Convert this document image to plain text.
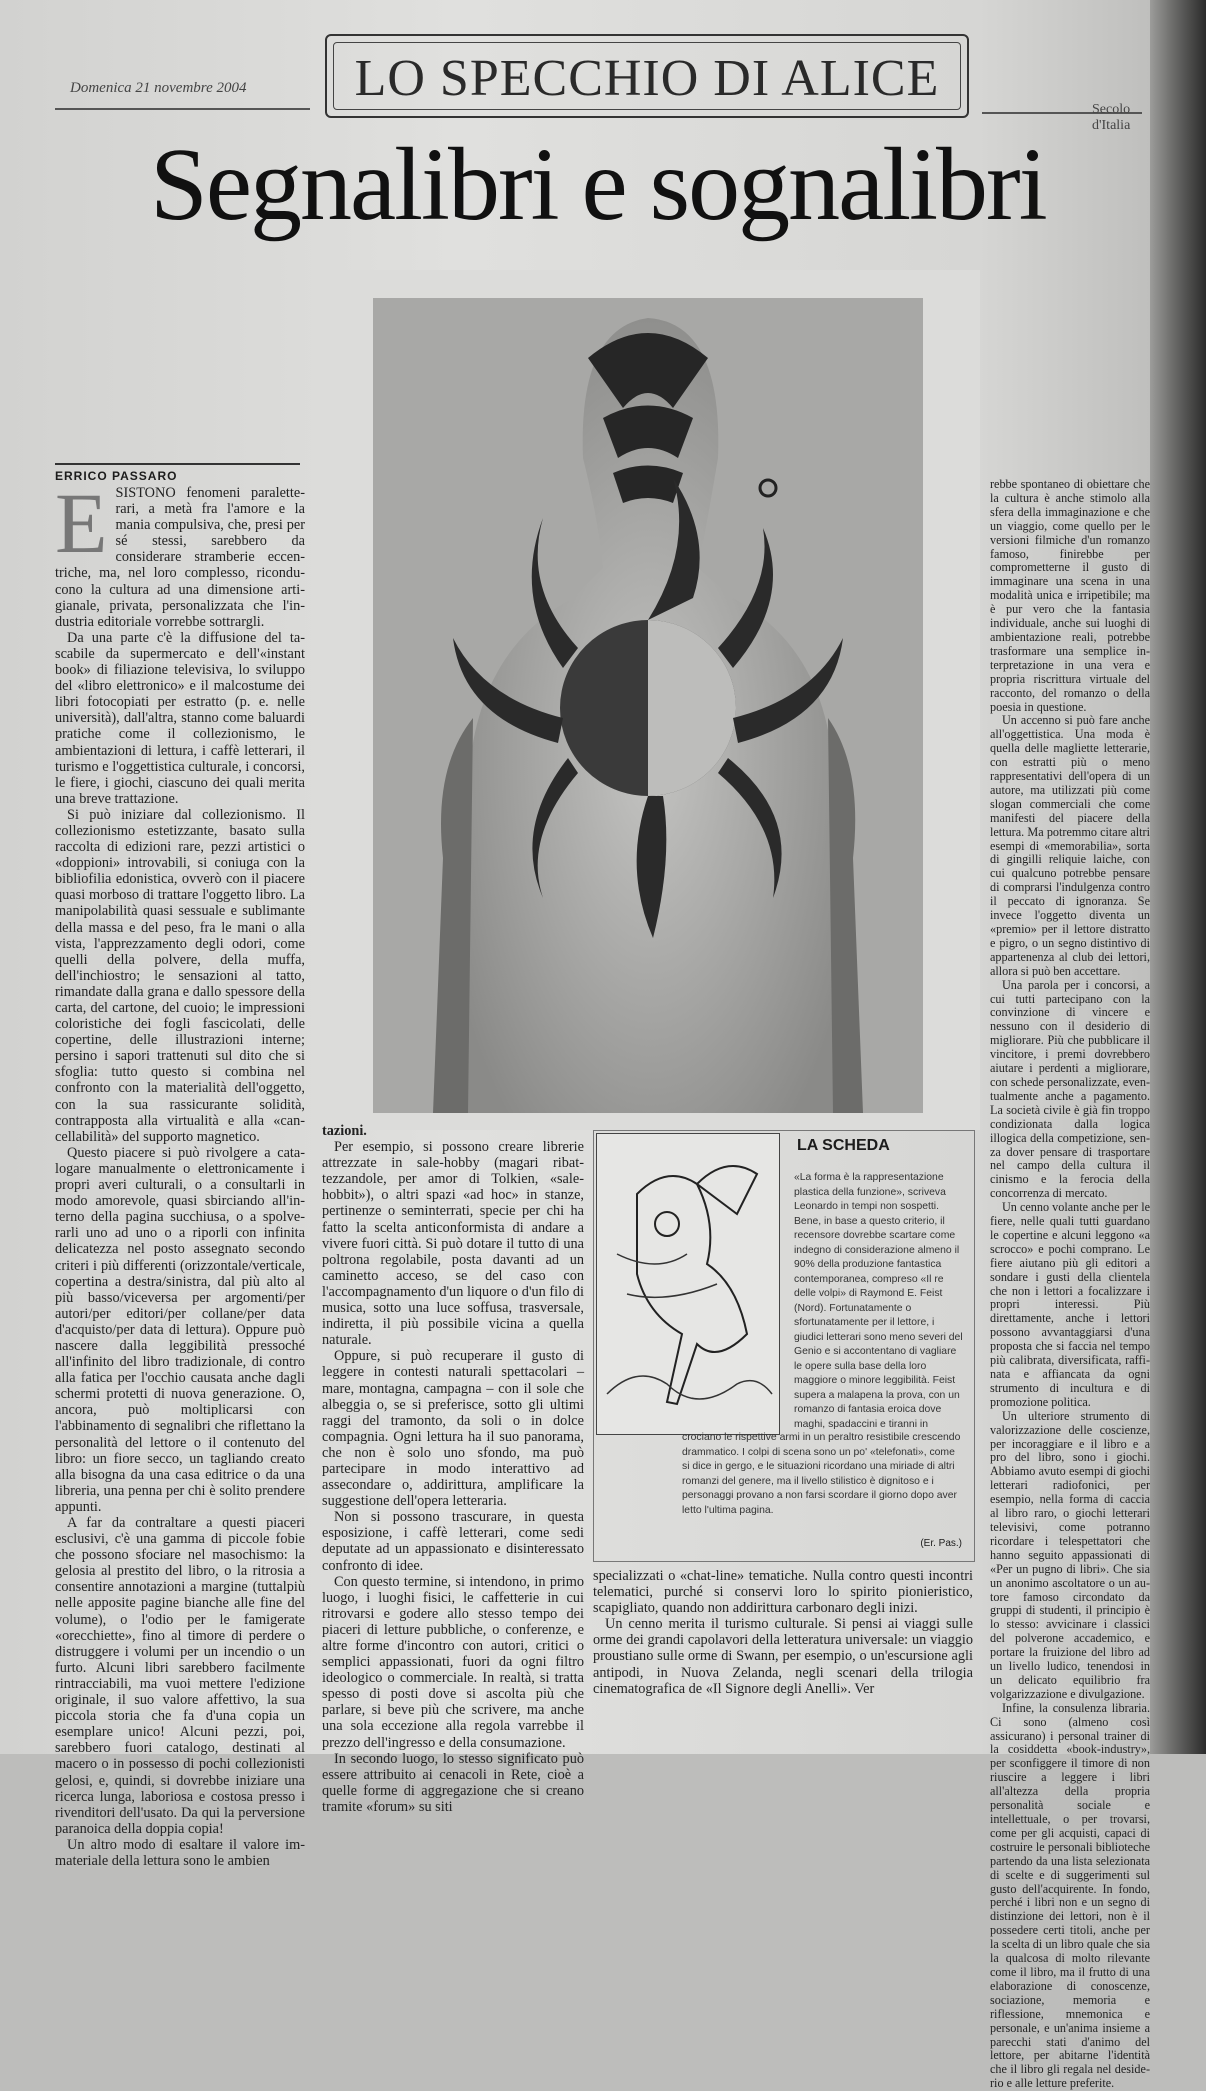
Domenica 21 novembre 2004	LO SPECCHIO DI ALICE
Secolo d'Italia
Segnalibri e sognalibri
ERRICO PASSARO

ESISTONO fenomeni paraletterari, a metà fra l'amore e la mania compulsiva, che, presi per sé stessi, sarebbero da considerare stramberie eccentriche, ma, nel loro complesso, riconducono la cultura ad una dimensione artigianale, privata, personalizzata che l'industria editoriale vorrebbe sottrargli.

Da una parte c'è la diffusione del tascabile da supermercato e dell'«instant book» di filiazione televisiva, lo sviluppo del «libro elettronico» e il malcostume dei libri fotocopiati per estratto (p. e. nelle università), dall'altra, stanno come baluardi pratiche come il collezionismo, le ambientazioni di lettura, i caffè letterari, il turismo e l'oggettistica culturale, i concorsi, le fiere, i giochi, ciascuno dei quali merita una breve trattazione.

Si può iniziare dal collezionismo. Il collezionismo estetizzante, basato sulla raccolta di edizioni rare, pezzi artistici o «doppioni» introvabili, si coniuga con la bibliofilia edonistica, ovverò con il piacere quasi morboso di trattare l'oggetto libro. La manipolabilità quasi sessuale e sublimante della massa e del peso, fra le mani o alla vista, l'apprezzamento degli odori, come quelli della polvere, della muffa, dell'inchiostro; le sensazioni al tatto, rimandate dalla grana e dallo spessore della carta, del cartone, del cuoio; le impressioni coloristiche dei fogli fascicolati, delle copertine, delle illustrazioni interne; persino i sapori trattenuti sul dito che si sfoglia: tutto questo si combina nel confronto con la materialità dell'oggetto, con la sua rassicurante solidità, contrapposta alla virtualità e alla «cancellabilità» del supporto magnetico.

Questo piacere si può rivolgere a catalogare manualmente o elettronicamente i propri averi culturali, o a consultarli in modo amorevole, quasi sbirciando all'interno della pagina succhiusa, o a spolverarli uno ad uno o a riporli con infinita delicatezza nel posto assegnato secondo criteri i più differenti (orizzontale/verticale, copertina a destra/sinistra, dal più alto al più basso/viceversa per argomenti/per autori/per editori/per collane/per data d'acquisto/per data di lettura). Oppure può nascere dalla leggibilità pressoché all'infinito del libro tradizionale, di contro alla fatica per l'occhio causata anche dagli schermi protetti di nuova generazione. O, ancora, può moltiplicarsi con l'abbinamento di segnalibri che riflettano la personalità del lettore o il contenuto del libro: un fiore secco, un tagliando creato alla bisogna da una casa editrice o da una libreria, una penna per chi è solito prendere appunti.

A far da contraltare a questi piaceri esclusivi, c'è una gamma di piccole fobie che possono sfociare nel masochismo: la gelosia al prestito del libro, o la ritrosia a consentire annotazioni a margine (tuttalpiù nelle apposite pagine bianche alle fine del volume), o l'odio per le famigerate «orecchiette», fino al timore di perdere o distruggere i volumi per un incendio o un furto. Alcuni libri sarebbero facilmente rintracciabili, ma vuoi mettere l'edizione originale, il suo valore affettivo, la sua piccola storia che fa d'una copia un esemplare unico! Alcuni pezzi, poi, sarebbero fuori catalogo, destinati al macero o in possesso di pochi collezionisti gelosi, e, quindi, si dovrebbe iniziare una ricerca lunga, laboriosa e costosa presso i rivenditori dell'usato. Da qui la perversione paranoica della doppia copia!

Un altro modo di esaltare il valore immateriale della lettura sono le ambien

tazioni.

Per esempio, si possono creare librerie attrezzate in sale-hobby (magari ribattezzandole, per amor di Tolkien, «salehobbit»), o altri spazi «ad hoc» in stanze, pertinenze o seminterrati, specie per chi ha fatto la scelta anticonformista di andare a vivere fuori città. Si può dotare il tutto di una poltrona regolabile, posta davanti ad un caminetto acceso, se del caso con l'accompagnamento d'un liquore o d'un filo di musica, sotto una luce soffusa, trasversale, indiretta, il più possibile vicina a quella naturale.

Oppure, si può recuperare il gusto di leggere in contesti naturali spettacolari – mare, montagna, campagna – con il sole che albeggia o, se si preferisce, sotto gli ultimi raggi del tramonto, da soli o in dolce compagnia. Ogni lettura ha il suo panorama, che non è solo uno sfondo, ma può partecipare in modo interattivo ad assecondare o, addirittura, amplificare la suggestione dell'opera letteraria.

Non si possono trascurare, in questa esposizione, i caffè letterari, come sedi deputate ad un appassionato e disinteressato confronto di idee.

Con questo termine, si intendono, in primo luogo, i luoghi fisici, le caffetterie in cui ritrovarsi e godere allo stesso tempo dei piaceri di letture pubbliche, o conferenze, e altre forme d'incontro con autori, critici o semplici appassionati, fuori da ogni filtro ideologico o commerciale. In realtà, si tratta spesso di posti dove si ascolta più che parlare, si beve più che scrivere, ma anche una sola eccezione alla regola varrebbe il prezzo dell'ingresso e della consumazione.

In secondo luogo, lo stesso significato può essere attribuito ai cenacoli in Rete, cioè a quelle forme di aggregazione che si creano tramite «forum» su siti

LA SCHEDA
«La forma è la rappresentazione plastica della funzione», scriveva Leonardo in tempi non sospetti. Bene, in base a questo criterio, il recensore dovrebbe scartare come indegno di considerazione almeno il 90% della produzione fantastica contemporanea, compreso «Il re delle volpi» di Raymond E. Feist (Nord). Fortunatamente o sfortunatamente per il lettore, i giudici letterari sono meno severi del Genio e si accontentano di vagliare le opere sulla base della loro maggiore o minore leggibilità. Feist supera a malapena la prova, con un romanzo di fantasia eroica dove maghi, spadaccini e tiranni in
crociano le rispettive armi in un peraltro resistibile crescendo drammatico. I colpi di scena sono un po' «telefonati», come si dice in gergo, e le situazioni ricordano una miriade di altri romanzi del genere, ma il livello stilistico è dignitoso e i personaggi provano a non farsi scordare il giorno dopo aver letto l'ultima pagina.
(Er. Pas.)

specializzati o «chat-line» tematiche. Nulla contro questi incontri telematici, purché si conservi loro lo spirito pionieristico, scapigliato, quando non addirittura carbonaro degli inizi.

Un cenno merita il turismo culturale. Si pensi ai viaggi sulle orme dei grandi capolavori della letteratura universale: un viaggio proustiano sulle orme di Swann, per esempio, o un'escursione agli antipodi, in Nuova Zelanda, negli scenari della trilogia cinematografica de «Il Signore degli Anelli». Ver

rebbe spontaneo di obiettare che la cultura è anche stimolo alla sfera della immaginazione e che un viaggio, come quello per le versioni filmiche d'un romanzo famoso, finirebbe per comprometterne il gusto di immaginare una scena in una modalità unica e irripetibile; ma è pur vero che la fantasia individuale, anche sui luoghi di ambientazione reali, potrebbe trasformare una semplice interpretazione in una vera e propria riscrittura virtuale del racconto, del romanzo o della poesia in questione.

Un accenno si può fare anche all'oggettistica. Una moda è quella delle magliette letterarie, con estratti più o meno rappresentativi dell'opera di un autore, ma utilizzati più come slogan commerciali che come manifesti del piacere della lettura. Ma potremmo citare altri esempi di «memorabilia», sorta di gingilli reliquie laiche, con cui qualcuno potrebbe pensare di comprarsi l'indulgenza contro il peccato di ignoranza. Se invece l'oggetto diventa un «premio» per il lettore distratto e pigro, o un segno distintivo di appartenenza al club dei lettori, allora si può ben accettare.

Una parola per i concorsi, a cui tutti partecipano con la convinzione di vincere e nessuno con il desiderio di migliorare. Più che pubblicare il vincitore, i premi dovrebbero aiutare i perdenti a migliorare, con schede personalizzate, eventualmente anche a pagamento. La società civile è già fin troppo condizionata dalla logica illogica della competizione, senza dover pensare di trasportare nel campo della cultura il cinismo e la ferocia della concorrenza di mercato.

Un cenno volante anche per le fiere, nelle quali tutti guardano le copertine e alcuni leggono «a scrocco» e pochi comprano. Le fiere aiutano più gli editori a sondare i gusti della clientela che non i lettori a focalizzare i propri interessi. Più direttamente, anche i lettori possono avvantaggiarsi d'una proposta che si faccia nel tempo più calibrata, diversificata, raffinata e affiancata da ogni strumento di incultura e di promozione politica.

Un ulteriore strumento di valorizzazione delle coscienze, per incoraggiare e il libro e a pro del libro, sono i giochi. Abbiamo avuto esempi di giochi letterari radiofonici, per esempio, nella forma di caccia al libro raro, o giochi letterari televisivi, come potranno ricordare i telespettatori che hanno seguito appassionati di «Per un pugno di libri». Che sia un anonimo ascoltatore o un autore famoso circondato da gruppi di studenti, il principio è lo stesso: avvicinare i classici del polverone accademico, e portare la fruizione del libro ad un livello ludico, tenendosi in un delicato equilibrio fra volgarizzazione e divulgazione.

Infine, la consulenza libraria. Ci sono (almeno così assicurano) i personal trainer di la cosiddetta «book-industry», per sconfiggere il timore di non riuscire a leggere i libri all'altezza della propria personalità sociale e intellettuale, o per trovarsi, come per gli acquisti, capaci di costruire le personali biblioteche partendo da una lista selezionata di scelte e di suggerimenti sul gusto dell'acquirente. In fondo, perché i libri non e un segno di distinzione dei lettori, non è il possedere certi titoli, anche per la scelta di un libro quale che sia la qualcosa di molto rilevante come il libro, ma il frutto di una elaborazione di conoscenze, sociazione, memoria e riflessione, mnemonica e personale, e un'anima insieme a parecchi stati d'animo del lettore, per abitarne l'identità che il libro gli regala nel desiderio e alle letture preferite.
